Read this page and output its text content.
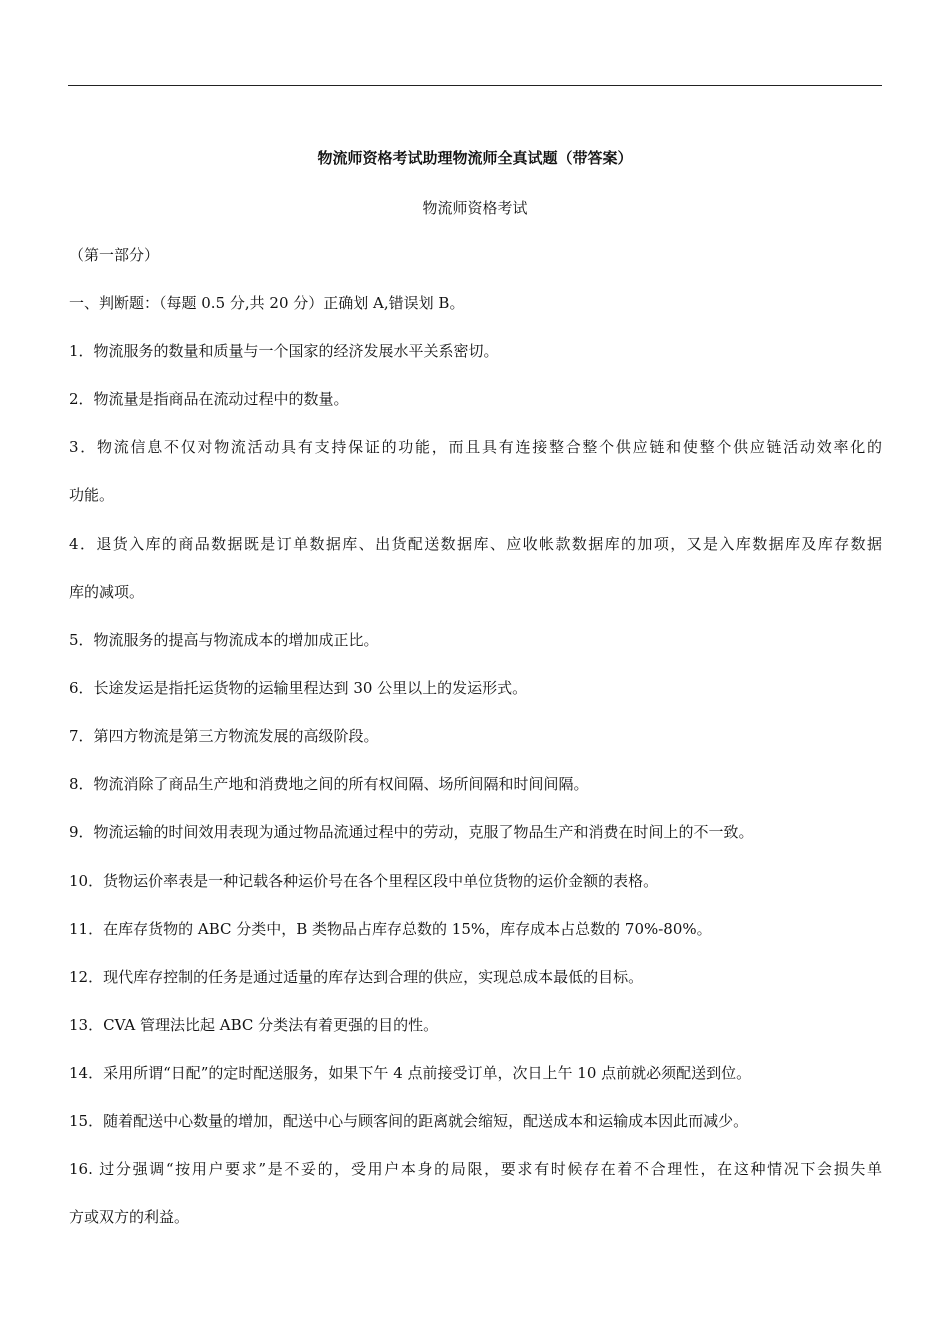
物流师资格考试助理物流师全真试题（带答案）
物流师资格考试
（第一部分）
一、判断题：（每题 0.5 分,共 20 分）正确划 A,错误划 B。
1．物流服务的数量和质量与一个国家的经济发展水平关系密切。
2．物流量是指商品在流动过程中的数量。
3．物流信息不仅对物流活动具有支持保证的功能，而且具有连接整合整个供应链和使整个供应链活动效率化的
功能。
4．退货入库的商品数据既是订单数据库、出货配送数据库、应收帐款数据库的加项，又是入库数据库及库存数据
库的减项。
5．物流服务的提高与物流成本的增加成正比。
6．长途发运是指托运货物的运输里程达到 30 公里以上的发运形式。
7．第四方物流是第三方物流发展的高级阶段。
8．物流消除了商品生产地和消费地之间的所有权间隔、场所间隔和时间间隔。
9．物流运输的时间效用表现为通过物品流通过程中的劳动，克服了物品生产和消费在时间上的不一致。
10．货物运价率表是一种记载各种运价号在各个里程区段中单位货物的运价金额的表格。
11．在库存货物的 ABC 分类中，B 类物品占库存总数的 15%，库存成本占总数的 70%-80%。
12．现代库存控制的任务是通过适量的库存达到合理的供应，实现总成本最低的目标。
13．CVA 管理法比起 ABC 分类法有着更强的目的性。
14．采用所谓“日配”的定时配送服务，如果下午 4 点前接受订单，次日上午 10 点前就必须配送到位。
15．随着配送中心数量的增加，配送中心与顾客间的距离就会缩短，配送成本和运输成本因此而减少。
16. 过分强调“按用户要求”是不妥的，受用户本身的局限，要求有时候存在着不合理性，在这种情况下会损失单
方或双方的利益。
